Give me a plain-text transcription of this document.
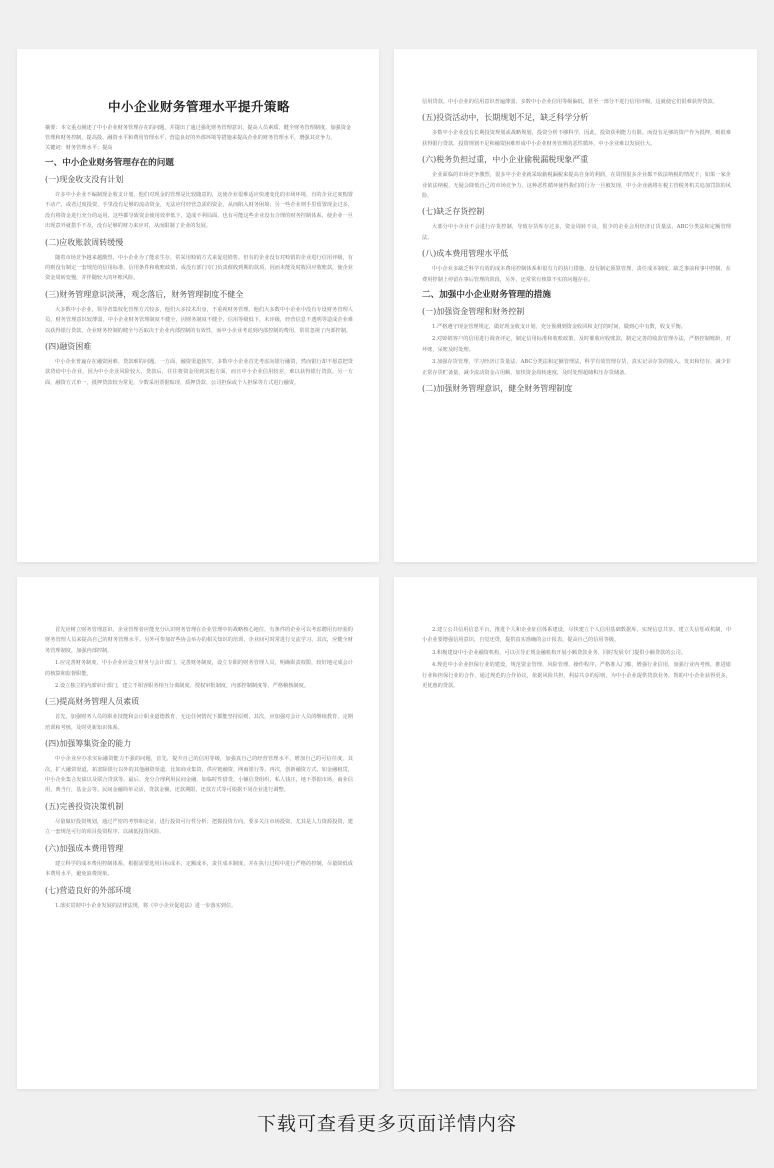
中小企业财务管理水平提升策略

摘要：本文重点阐述了中小企业财务管理存在的问题，并提出了通过强化财务管理意识、提高人员素质、健全财务管理制度、加强资金管理和财务控制，提高投、融资水平和费用管理水平，营造良好的外部环境等措施来提高企业的财务管理水平，增强其竞争力。

关键词：财务管理水平；提高

一、中小企业财务管理存在的问题
(一)现金收支没有计划

许多中小企业不编制现金收支计划，他们对现金的管理是比较随意的，这使企业很难适应快速变化的市场环境，有的企业过度购置不动产，或者过度投资，手里没有足够的流动资金，无法应付经营急需的资金，从而陷入财务困境；另一些企业则手里留置现金过多，没有将资金进行充分的运用，这些都导致资金使用效率低下，造成不利局面，也有可能这些企业没有合理的财务控制体系，使企业一旦出现意外就措手不及，没有足够的财力来应对，从而限制了企业的发展。

(二)应收账款周转缓慢

随着市场竞争越来越激烈，中小企业为了能求生存，常采用赊销方式来促进销售。但有的企业没有对赊销的企业进行信用评级，有的则没有制定一套规范的信用标准，信用条件和收账政策，或没有部门专门负责催收到期的款项，因而未能及时收回应收账款，使企业资金周转变慢，并伴随较大的坏账风险。

(三)财务管理意识淡薄，观念落后，财务管理制度不健全

大多数中小企业，领导者集权化管理方式较多，他们大多技术出身，不重视财务管理。他们大多数中小企业中没有专设财务管理人员，财务管理意识较薄弱，中小企业财务管理制度不健全，因财务制度不健全，信用等级低下，未评级，经营信息不透明等造成企业难以获得银行贷款，企业财务控制的健全与否取决于企业内部控制的有效性，而中小企业考虑到内部控制的费用，常常忽视了内部控制。

(四)融资困难

中小企业普遍存在融资困难、贷款难的问题。一方面，融资渠道狭窄，多数中小企业首先考虑向银行融资，然而银行却不愿意把贷款贷给中小企业，因为中小企业风险较大，贷款后，往往将资金用到其他方面，而且中小企业信用较差，难以获得银行贷款。另一方面，融资方式单一，抵押贷款较为常见，少数采用票据贴现、质押贷款、公司担保或个人担保等方式进行融资。

信用贷款。中小企业的信用意识普遍薄弱，多数中小企业信用等级偏低，甚至一部分不进行信用评级，这就使它们很难获得贷款。

(五)投资活动中，长期规划不足，缺乏科学分析

多数中小企业没有长期投资规划或战略规划，投资分析不够科学，因此，投资获利能力有限。而没有足够的资产作为抵押，则很难获得银行贷款，投资规划不足和融资困难形成中小企业财务管理的恶性循环，中小企业难以发展壮大。

(六)税务负担过重，中小企业偷税漏税现象严重

企业面临的市场竞争激烈，很多中小企业就采取偷税漏税来提高自身的利润，在周围很多企业都不依法纳税的情况下，如果一家企业依法纳税，无疑会降低自己的市场竞争力，这种恶性循环使得我们的行为一旦被发现，中小企业就将在税主管税务机关追加罚款的风险。

(七)缺乏存货控制

大部分中小企业不会进行存货控制，导致存货库存过多，资金周转不良，很少的企业会用经济订货量法、ABC分类法和定额管理法。

(八)成本费用管理水平低

中小企业多缺乏科学有效的成本费用控制体系和很有力的执行措施，没有制定预算管理，责任成本制度，缺乏事前和事中控制，在费用控制上停留在事后管理的阶段，另外，还常常有核算不实的问题存在。

二、加强中小企业财务管理的措施
(一)加强资金管理和财务控制

1.严格遵守现金管理规定，做好现金收支计划，充分预测到资金收回和支付的时间，做到心中有数，收支平衡。

2.对赊销客户的信用进行调查评定，制定信用标准和收账政策，及时催收应收账款，制定完善的收款管理办法，严格控制账龄，对坏账，呆账及时处理。

3.加强存货管理，学习经济订货量法、ABC分类法和定额管理法，科学有效管理存货，真实记录存货的收入、发出和结存，减少非正常存货贮备量，减少流动资金占用额，加快资金周转速度，及时处理超储积压存货储备。

(二)加强财务管理意识，健全财务管理制度

首先应树立财务管理意识，企业管理者应能充分认识财务管理在企业管理中的战略核心地位，有条件的企业可以考虑聘用有经验的财务管理人员来提高自己的财务管理水平。另外可参加好些协会举办的相关知识的培训，企业间可时常进行交流学习，其次，应健全财务管理制度，加强内部控制。

1.应完善财务制度，中小企业应设立财务与会计部门，完善财务制度，设立专职的财务管理人员，明确职责权限，较好地完成会计的核算和监督职能。

2.设立独立的内部审计部门，建立不相容职务相互分离制度、授权审批制度，内部控制制度等，严格稽核制度。

(三)提高财务管理人员素质

首先，加强财务人员的职业技能和会计职业道德教育，无论任何情况下都能坚持原则，其次，应加强对会计人员的继续教育，定期培训和考核，及时更新知识体系。

(四)加强筹集资金的能力

中小企业应办求实际融资能力不强的问题，首先，提升自己的信用等级，加强真自己的经营管理水平，增加自己的可信任度。其次，扩大融资渠道，拓宽除银行以外的其他融资渠道，比如商业集资，供应链融资，网商银行等。再次，创新融资方式，如金融租赁，中小企业集合发债以及联合贷款等。最后，充分合理利用民间金融，如临时性借贷，小额信贷组织，私人钱庄，地下票据市场，商业信用，典当行，基金会等。民间金融简单灵活，贷款金额，还款期限，还款方式等可根据不同企业进行调整。

(五)完善投资决策机制

尽量做好投资规划，通过严密的考察和论证，进行投资可行性分析；把握投资方向，要多关注市场投资，尤其是人力资源投资，建立一套规范可行的项目投资程序，以减低投资风险。

(六)加强成本费用管理

建立科学的成本费用控制体系，根据需要选用目标成本，定额成本，责任成本制度，并在执行过程中进行严格的控制，尽量降低成本费用水平，避免浪费现象。

(七)营造良好的外部环境

1.落实贯彻中小企业发展的法律法规，将《中小企业促进法》进一步落实到位。

2.建立公共信用信息平台，推进个人和企业征信体系建设，尽快建立个人信用基础数据库，实现信息共享，建立失信惩戒机制，中小企业要增强信用意识，自觉还贷，提供真实准确的会计报表，提高自己的信用等级。

3.积极建设中小企业融资机构，可以引导正规金融机构开展小额贷款业务，同时发展专门提供小额贷款的公司。

4.规范中小企业担保行业的建设，规范资金管理、风险管理、操作程序，严格准入门槛，增强行业信用，加强行业内考核，推进银行业和担保行业的合作，通过规范的合作协议，依据风险共担，利益共享的原则，为中小企业提供贷款业务，帮助中小企业获得更多，更优惠的贷款。

下载可查看更多页面详情内容
